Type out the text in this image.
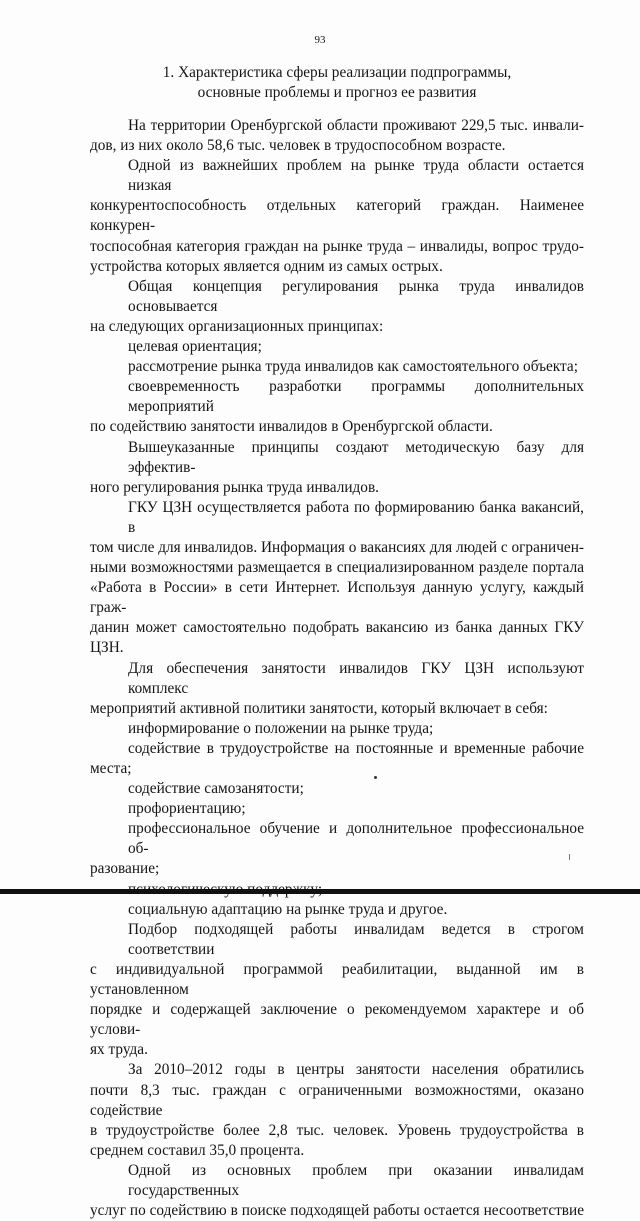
93
1. Характеристика сферы реализации подпрограммы,
основные проблемы и прогноз ее развития
На территории Оренбургской области проживают 229,5 тыс. инвали-
дов, из них около 58,6 тыс. человек в трудоспособном возрасте.
Одной из важнейших проблем на рынке труда области остается низкая
конкурентоспособность отдельных категорий граждан. Наименее конкурен-
тоспособная категория граждан на рынке труда – инвалиды, вопрос трудо-
устройства которых является одним из самых острых.
Общая концепция регулирования рынка труда инвалидов основывается
на следующих организационных принципах:
целевая ориентация;
рассмотрение рынка труда инвалидов как самостоятельного объекта;
своевременность разработки программы дополнительных мероприятий
по содействию занятости инвалидов в Оренбургской области.
Вышеуказанные принципы создают методическую базу для эффектив-
ного регулирования рынка труда инвалидов.
ГКУ ЦЗН осуществляется работа по формированию банка вакансий, в
том числе для инвалидов. Информация о вакансиях для людей с ограничен-
ными возможностями размещается в специализированном разделе портала
«Работа в России» в сети Интернет. Используя данную услугу, каждый граж-
данин может самостоятельно подобрать вакансию из банка данных ГКУ
ЦЗН.
Для обеспечения занятости инвалидов ГКУ ЦЗН используют комплекс
мероприятий активной политики занятости, который включает в себя:
информирование о положении на рынке труда;
содействие в трудоустройстве на постоянные и временные рабочие
места;
содействие самозанятости;
профориентацию;
профессиональное обучение и дополнительное профессиональное об-
разование;
социальную адаптацию на рынке труда и другое.
Подбор подходящей работы инвалидам ведется в строгом соответствии
с индивидуальной программой реабилитации, выданной им в установленном
порядке и содержащей заключение о рекомендуемом характере и об услови-
ях труда.
За 2010–2012 годы в центры занятости населения обратились
почти 8,3 тыс. граждан с ограниченными возможностями, оказано содействие
в трудоустройстве более 2,8 тыс. человек. Уровень трудоустройства в
среднем составил 35,0 процента.
Одной из основных проблем при оказании инвалидам государственных
услуг по содействию в поиске подходящей работы остается несоответствие
